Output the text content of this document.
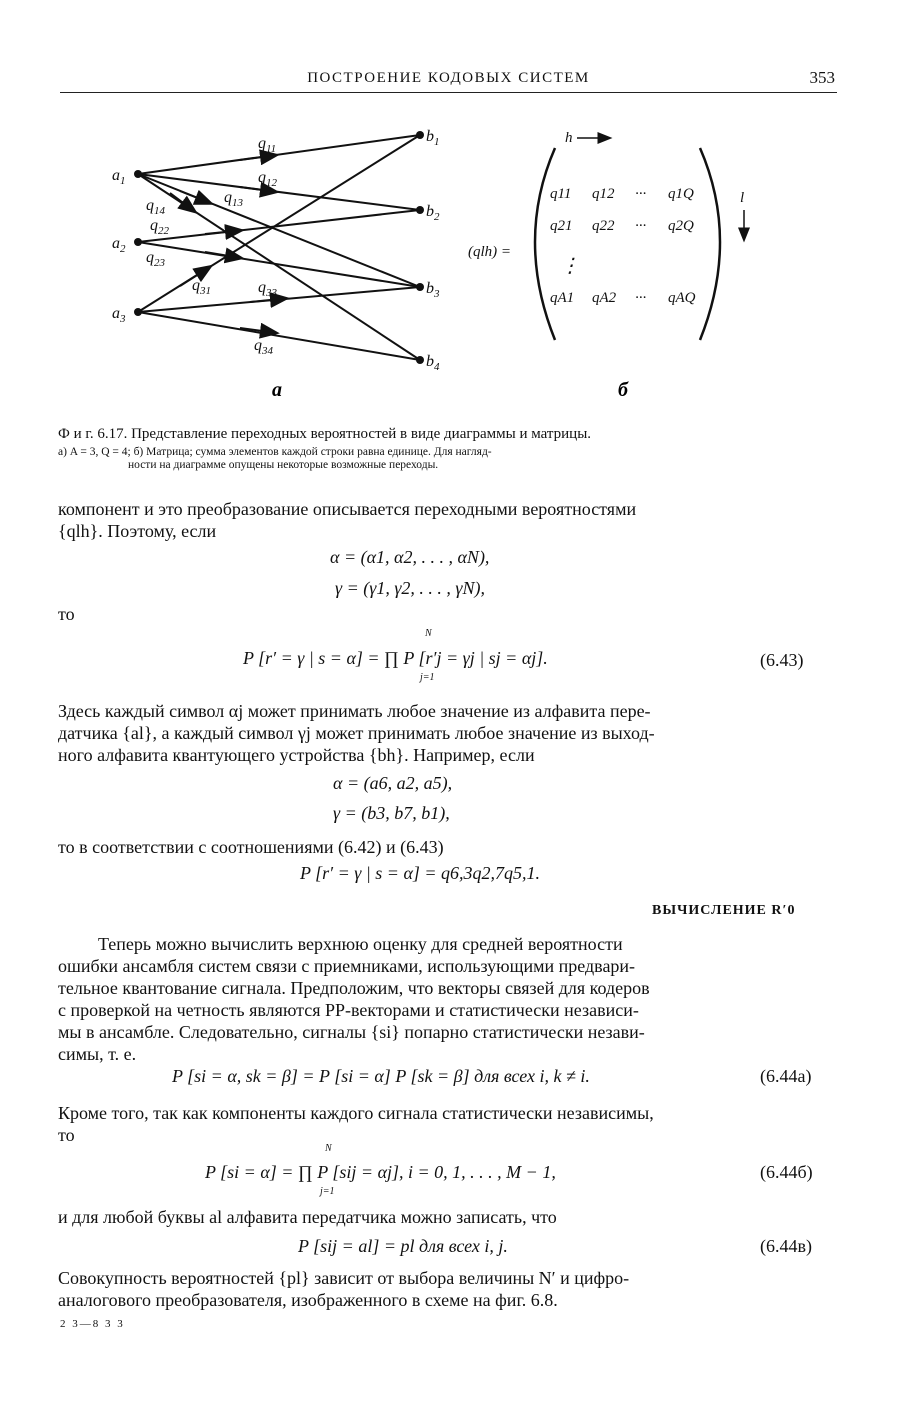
ПОСТРОЕНИЕ КОДОВЫХ СИСТЕМ	353
$a_1$
$a_2$
$a_3$
$b_1$
$b_2$
$b_3$
$b_4$
$q_{11}$
$q_{12}$
$q_{13}$
$q_{14}$
$q_{22}$
$q_{23}$
$q_{31}$	$q_{33}$
$q_{34}$
а
(qlh) =
h
l
q11 q12 ··· q1Q
q21 q22 ··· q2Q
⋮
qA1 qA2 ··· qAQ
б
Ф и г. 6.17. Представление переходных вероятностей в виде диаграммы и матрицы.
а) A = 3, Q = 4; б) Матрица; сумма элементов каждой строки равна единице. Для нагляд-
ности на диаграмме опущены некоторые возможные переходы.
компонент и это преобразование описывается переходными вероятностями
{qlh}. Поэтому, если
α = (α1, α2, . . . , αN),
γ = (γ1, γ2, . . . , γN),
то
N
P [r′ = γ | s = α] = ∏ P [r′j = γj | sj = αj].
j=1
(6.43)
Здесь каждый символ αj может принимать любое значение из алфавита пере-
датчика {al}, а каждый символ γj может принимать любое значение из выход-
ного алфавита квантующего устройства {bh}. Например, если
α = (a6, a2, a5),
γ = (b3, b7, b1),
то в соответствии с соотношениями (6.42) и (6.43)
P [r′ = γ | s = α] = q6,3q2,7q5,1.
ВЫЧИСЛЕНИЕ R′0
Теперь можно вычислить верхнюю оценку для средней вероятности
ошибки ансамбля систем связи с приемниками, использующими предвари-
тельное квантование сигнала. Предположим, что векторы связей для кодеров
с проверкой на четность являются PP-векторами и статистически независи-
мы в ансамбле. Следовательно, сигналы {si} попарно статистически незави-
симы, т. е.
P [si = α, sk = β] = P [si = α] P [sk = β] для всех i, k ≠ i.	(6.44а)
Кроме того, так как компоненты каждого сигнала статистически независимы,
то
N
P [si = α] = ∏ P [sij = αj], i = 0, 1, . . . , M − 1,
j=1
(6.44б)
и для любой буквы al алфавита передатчика можно записать, что
P [sij = al] = pl для всех i, j.	(6.44в)
Совокупность вероятностей {pl} зависит от выбора величины N′ и цифро-
аналогового преобразователя, изображенного в схеме на фиг. 6.8.
2 3—8 3 3
